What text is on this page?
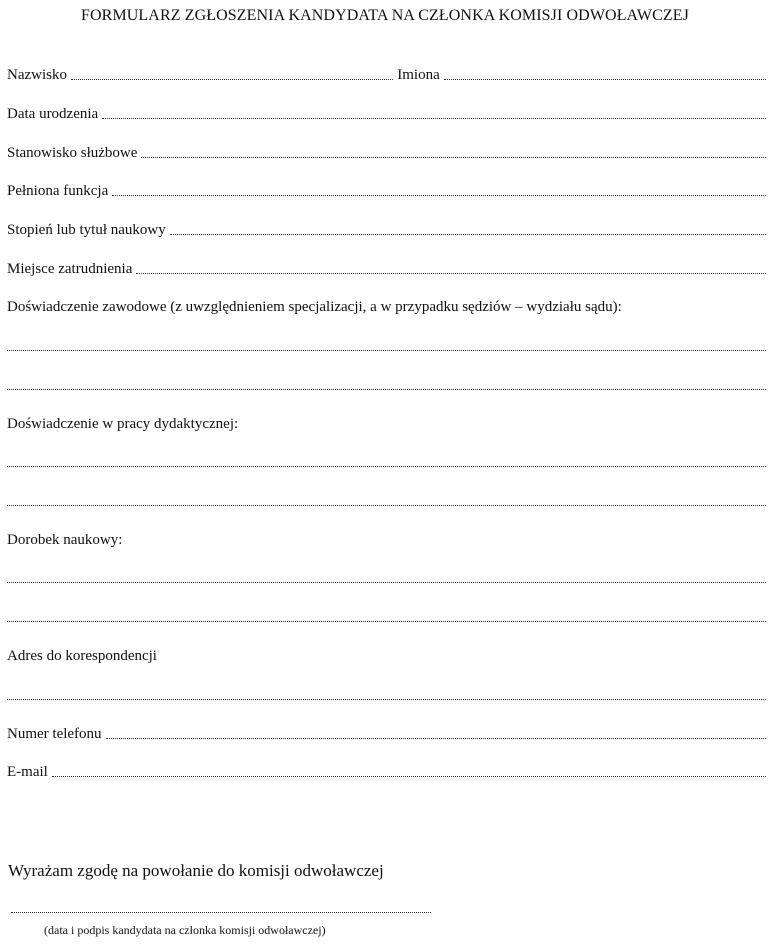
FORMULARZ ZGŁOSZENIA KANDYDATA NA CZŁONKA KOMISJI ODWOŁAWCZEJ
Nazwisko	Imiona
Data urodzenia
Stanowisko służbowe
Pełniona funkcja
Stopień lub tytuł naukowy
Miejsce zatrudnienia
Doświadczenie zawodowe (z uwzględnieniem specjalizacji, a w przypadku sędziów – wydziału sądu):
Doświadczenie w pracy dydaktycznej:
Dorobek naukowy:
Adres do korespondencji
Numer telefonu
E-mail
Wyrażam zgodę na powołanie do komisji odwoławczej
(data i podpis kandydata na członka komisji odwoławczej)
